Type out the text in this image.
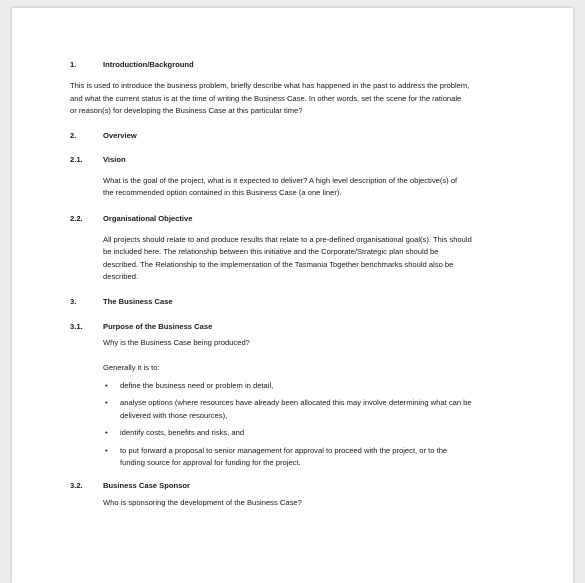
1.	Introduction/Background
This is used to introduce the business problem, briefly describe what has happened in the past to address the problem,
and what the current status is at the time of writing the Business Case. In other words, set the scene for the rationale
or reason(s) for developing the Business Case at this particular time?
2.	Overview
2.1.	Vision
What is the goal of the project, what is it expected to deliver? A high level description of the objective(s) of
the recommended option contained in this Business Case (a one liner).
2.2.	Organisational Objective
All projects should relate to and produce results that relate to a pre-defined organisational goal(s). This should
be included here. The relationship between this initiative and the Corporate/Strategic plan should be
described. The Relationship to the implementation of the Tasmania Together benchmarks should also be
described.
3.	The Business Case
3.1.	Purpose of the Business Case
Why is the Business Case being produced?
Generally it is to:
• define the business need or problem in detail,
• analyse options (where resources have already been allocated this may involve determining what can be
delivered with those resources),
• identify costs, benefits and risks, and
• to put forward a proposal to senior management for approval to proceed with the project, or to the
funding source for approval for funding for the project.
3.2.	Business Case Sponsor
Who is sponsoring the development of the Business Case?
